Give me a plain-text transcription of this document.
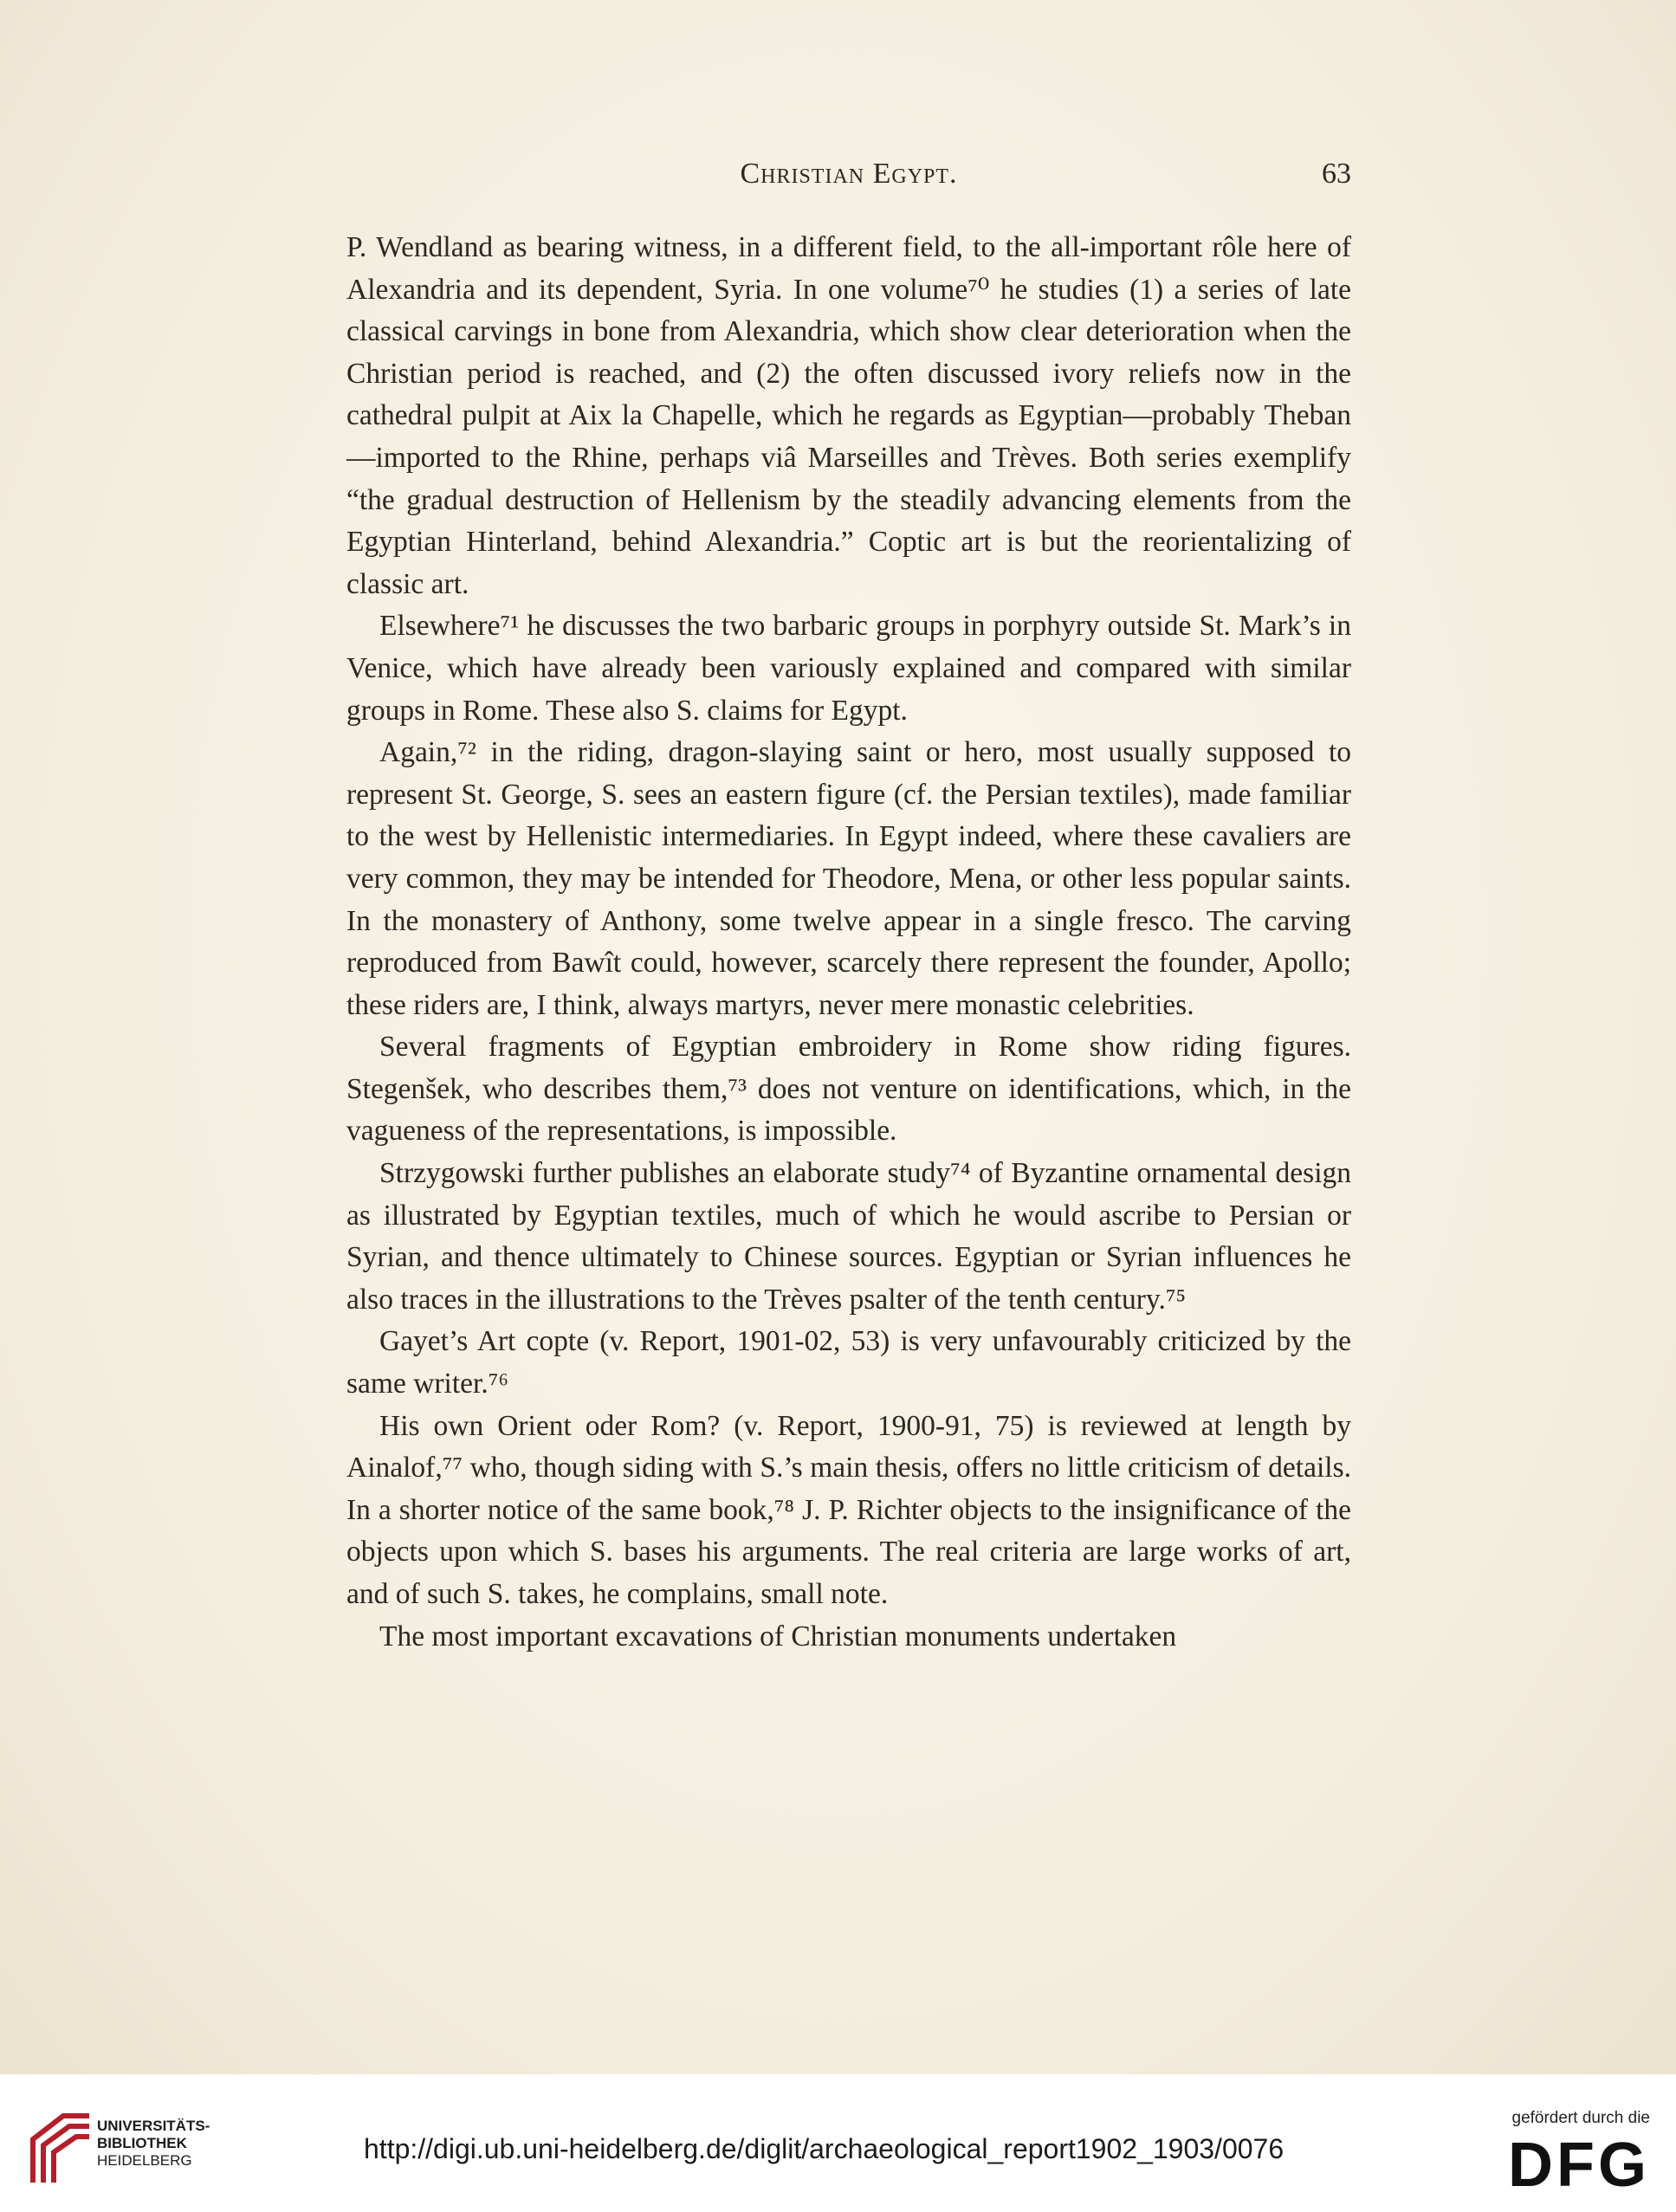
Christian Egypt.	63
P. Wendland as bearing witness, in a different field, to the all-important rôle here of Alexandria and its dependent, Syria. In one volume⁷⁰ he studies (1) a series of late classical carvings in bone from Alexandria, which show clear deterioration when the Christian period is reached, and (2) the often discussed ivory reliefs now in the cathedral pulpit at Aix la Chapelle, which he regards as Egyptian—probably Theban—imported to the Rhine, perhaps viâ Marseilles and Trèves. Both series exemplify “the gradual destruction of Hellenism by the steadily advancing elements from the Egyptian Hinterland, behind Alexandria.” Coptic art is but the reorientalizing of classic art.
Elsewhere⁷¹ he discusses the two barbaric groups in porphyry outside St. Mark’s in Venice, which have already been variously explained and compared with similar groups in Rome. These also S. claims for Egypt.
Again,⁷² in the riding, dragon-slaying saint or hero, most usually supposed to represent St. George, S. sees an eastern figure (cf. the Persian textiles), made familiar to the west by Hellenistic intermediaries. In Egypt indeed, where these cavaliers are very common, they may be intended for Theodore, Mena, or other less popular saints. In the monastery of Anthony, some twelve appear in a single fresco. The carving reproduced from Bawît could, however, scarcely there represent the founder, Apollo; these riders are, I think, always martyrs, never mere monastic celebrities.
Several fragments of Egyptian embroidery in Rome show riding figures. Stegenšek, who describes them,⁷³ does not venture on identifications, which, in the vagueness of the representations, is impossible.
Strzygowski further publishes an elaborate study⁷⁴ of Byzantine ornamental design as illustrated by Egyptian textiles, much of which he would ascribe to Persian or Syrian, and thence ultimately to Chinese sources. Egyptian or Syrian influences he also traces in the illustrations to the Trèves psalter of the tenth century.⁷⁵
Gayet’s Art copte (v. Report, 1901-02, 53) is very unfavourably criticized by the same writer.⁷⁶
His own Orient oder Rom? (v. Report, 1900-91, 75) is reviewed at length by Ainalof,⁷⁷ who, though siding with S.’s main thesis, offers no little criticism of details. In a shorter notice of the same book,⁷⁸ J. P. Richter objects to the insignificance of the objects upon which S. bases his arguments. The real criteria are large works of art, and of such S. takes, he complains, small note.
The most important excavations of Christian monuments undertaken
UNIVERSITÄTS-
BIBLIOTHEK
HEIDELBERG	http://digi.ub.uni-heidelberg.de/diglit/archaeological_report1902_1903/0076
gefördert durch die
DFG
